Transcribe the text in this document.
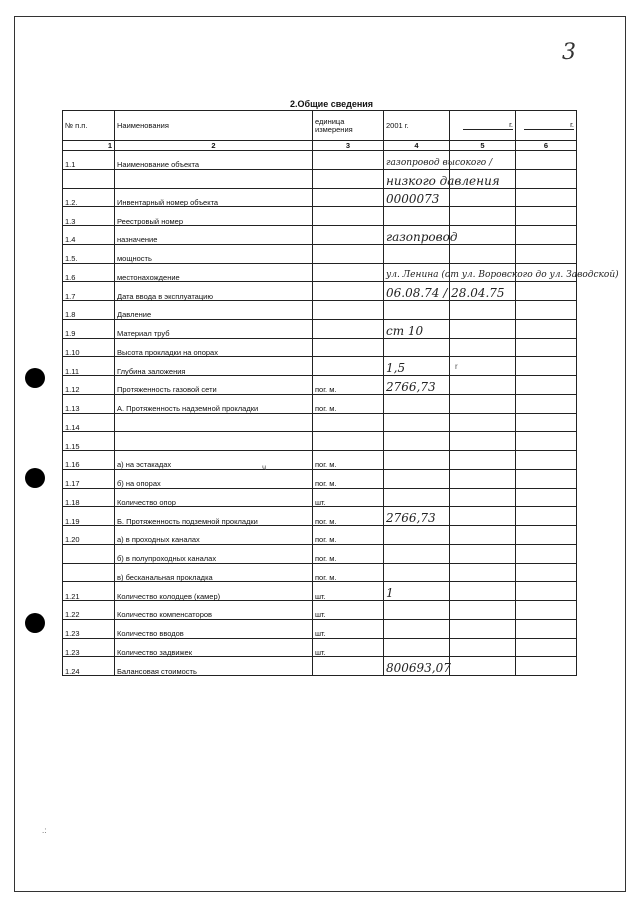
3
2.Общие сведения
№ п.п.	Наименования	единица измерения	2001 г.	г.	г.
1	2	3	4	5	6
1.1	Наименование объекта		газопровод высокого /		

			низкого давления		

1.2.	Инвентарный номер объекта		0000073		

1.3	Реестровый номер		

1.4	назначение		газопровод		

1.5.	мощность		

1.6	местонахождение		ул. Ленина (от ул. Воровского до ул. Заводской)		

1.7	Дата ввода в эксплуатацию		06.08.74 / 28.04.75		

1.8	Давление		

1.9	Материал труб		ст 10		

1.10	Высота прокладки на опорах		

1.11	Глубина заложения		1,5		

1.12	Протяженность газовой сети	пог. м.	2766,73		

1.13	А. Протяженность надземной прокладки	пог. м.	

1.14			

1.15			

1.16	а) на эстакадах	пог. м.	

1.17	б) на опорах	пог. м.	

1.18	Количество опор	шт.	

1.19	Б. Протяженность подземной прокладки	пог. м.	2766,73		

1.20	а) в проходных каналах	пог. м.	

	б) в полупроходных каналах	пог. м.	

	в) бесканальная прокладка	пог. м.	

1.21	Количество колодцев (камер)	шт.	1		

1.22	Количество компенсаторов	шт.	

1.23	Количество вводов	шт.	

1.23	Количество задвижек	шт.	

1.24	Балансовая стоимость		800693,07		

r
ч
.:
